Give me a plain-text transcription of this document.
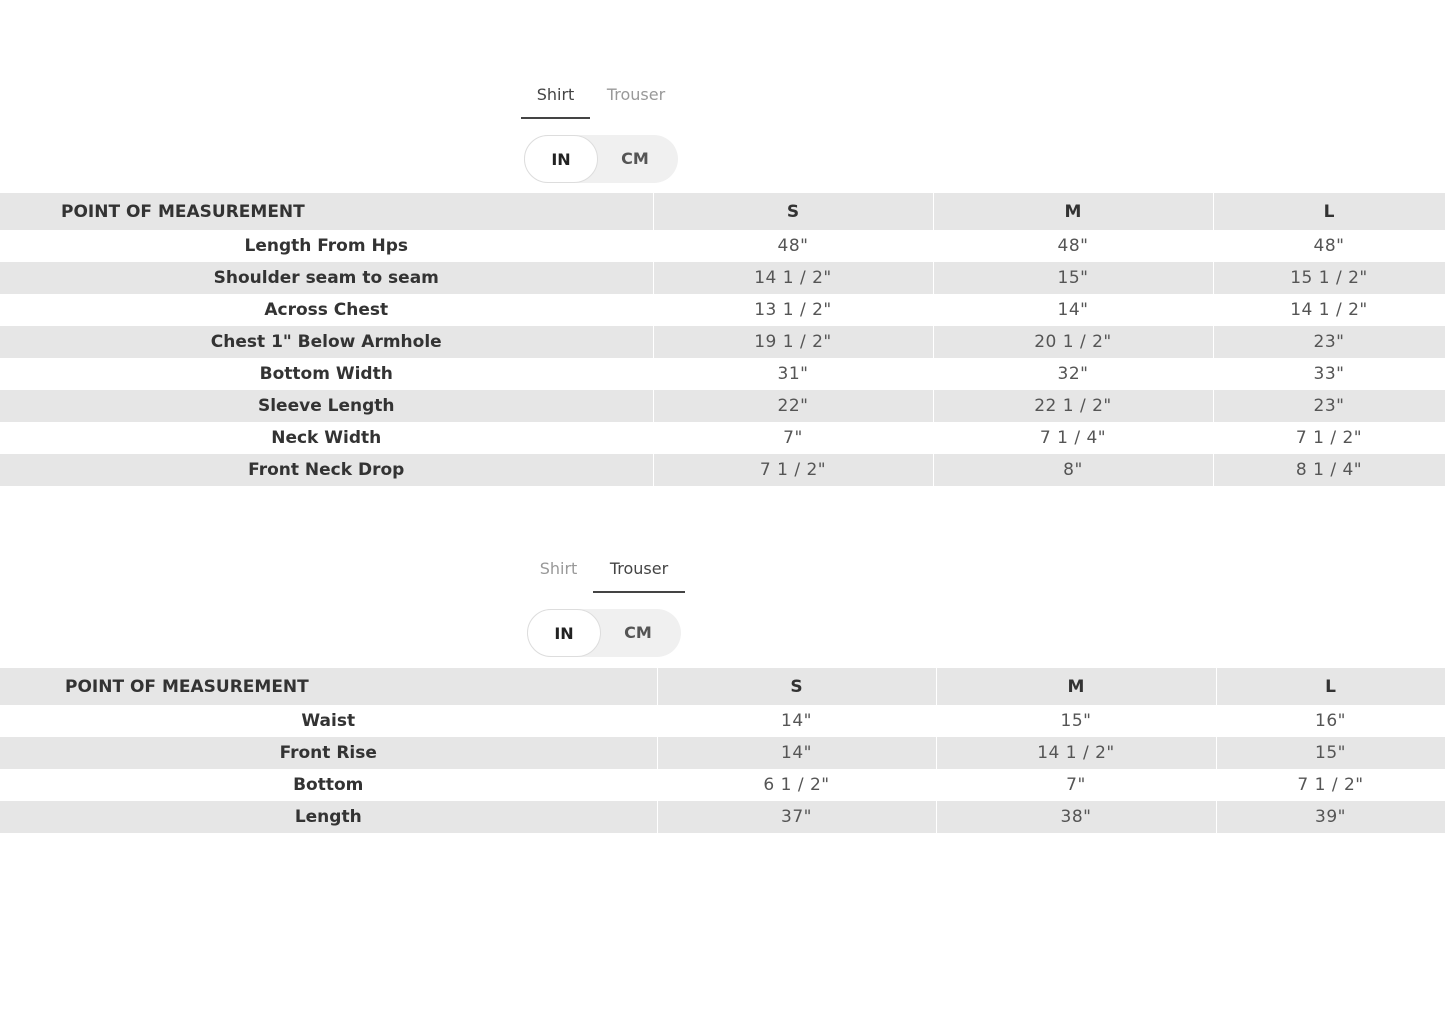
Shirt	Trouser
IN	CM
POINT OF MEASUREMENT	S	M	L
Length From Hps	48"	48"	48"
Shoulder seam to seam	14 1 / 2"	15"	15 1 / 2"
Across Chest	13 1 / 2"	14"	14 1 / 2"
Chest 1" Below Armhole	19 1 / 2"	20 1 / 2"	23"
Bottom Width	31"	32"	33"
Sleeve Length	22"	22 1 / 2"	23"
Neck Width	7"	7 1 / 4"	7 1 / 2"
Front Neck Drop	7 1 / 2"	8"	8 1 / 4"
Shirt	Trouser
IN	CM
POINT OF MEASUREMENT	S	M	L
Waist	14"	15"	16"
Front Rise	14"	14 1 / 2"	15"
Bottom	6 1 / 2"	7"	7 1 / 2"
Length	37"	38"	39"
